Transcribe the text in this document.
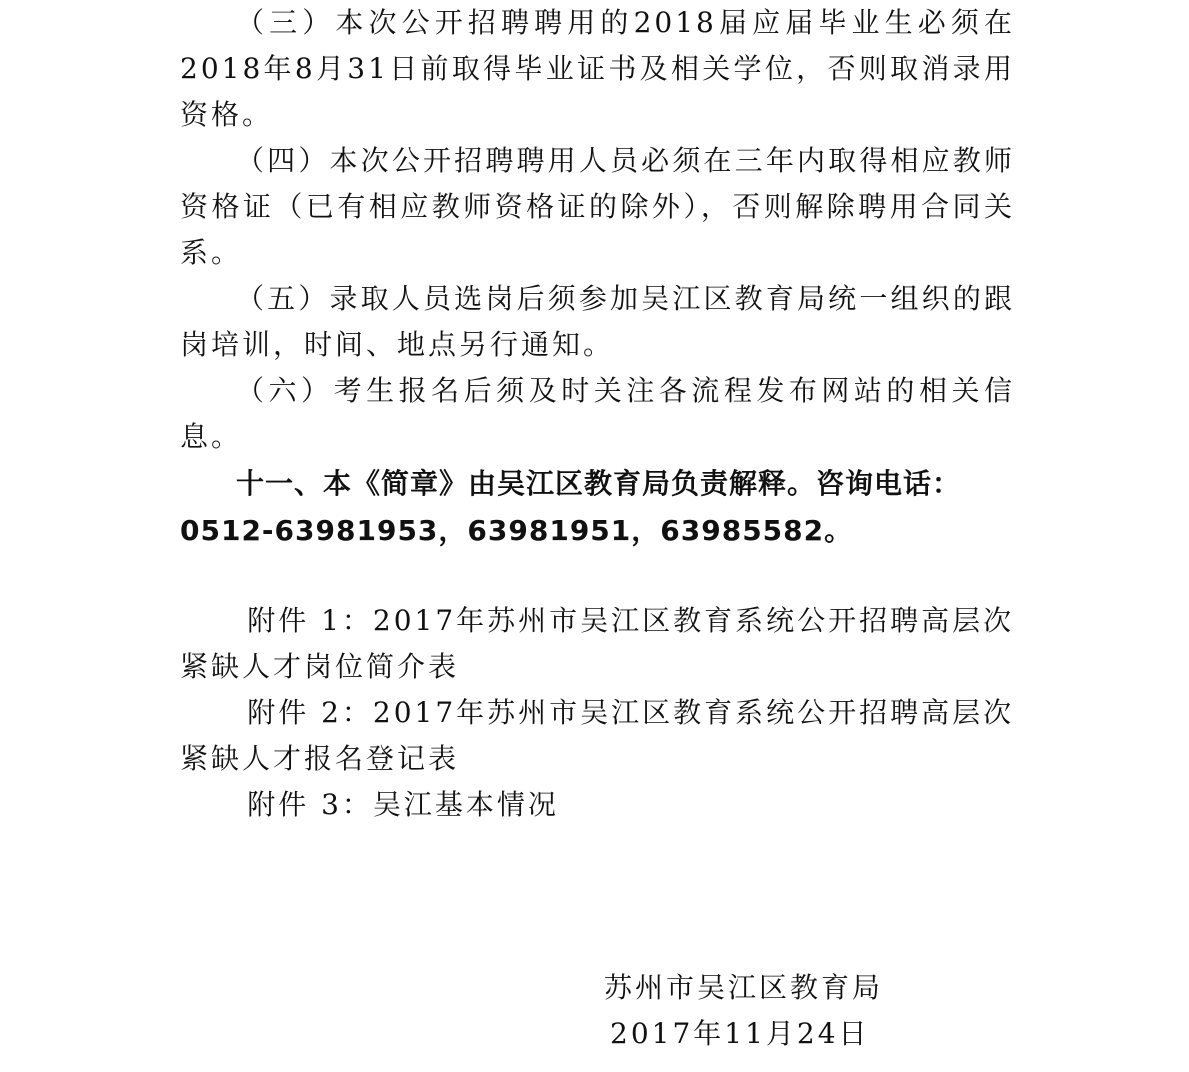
（三）本次公开招聘聘用的2018届应届毕业生必须在2018年8月31日前取得毕业证书及相关学位，否则取消录用资格。

（四）本次公开招聘聘用人员必须在三年内取得相应教师资格证（已有相应教师资格证的除外），否则解除聘用合同关系。

（五）录取人员选岗后须参加吴江区教育局统一组织的跟岗培训，时间、地点另行通知。

（六）考生报名后须及时关注各流程发布网站的相关信息。

十一、本《简章》由吴江区教育局负责解释。咨询电话：
0512-63981953，63981951，63985582。

附件 1：2017年苏州市吴江区教育系统公开招聘高层次紧缺人才岗位简介表

附件 2：2017年苏州市吴江区教育系统公开招聘高层次紧缺人才报名登记表

附件 3：吴江基本情况

苏州市吴江区教育局
2017年11月24日
